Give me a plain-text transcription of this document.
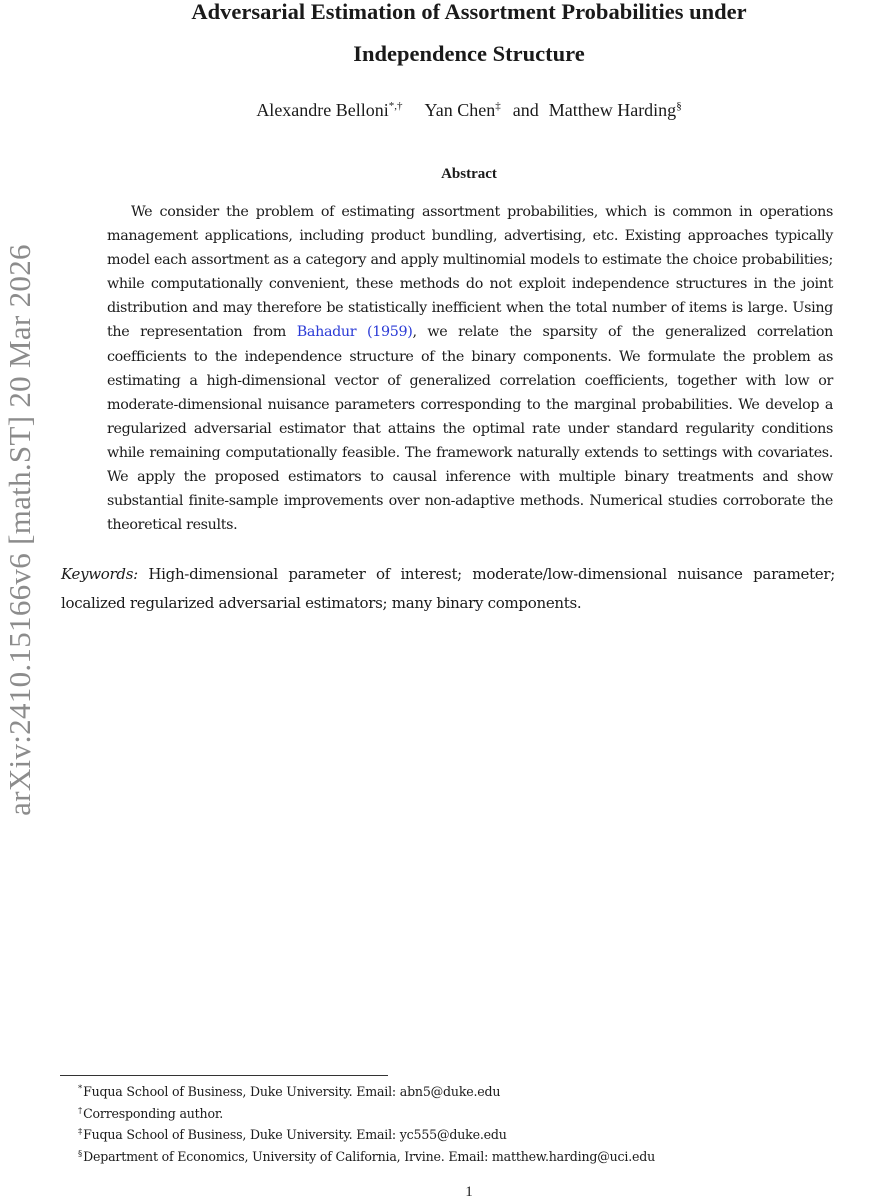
arXiv:2410.15166v6 [math.ST] 20 Mar 2026
Adversarial Estimation of Assortment Probabilities under
Independence Structure
Alexandre Belloni*,† Yan Chen‡ and Matthew Harding§
Abstract

We consider the problem of estimating assortment probabilities, which is common in operations management applications, including product bundling, advertising, etc. Existing approaches typically model each assortment as a category and apply multinomial models to estimate the choice probabilities; while computationally convenient, these methods do not exploit independence structures in the joint distribution and may therefore be statistically inefficient when the total number of items is large. Using the representation from Bahadur (1959), we relate the sparsity of the generalized correlation coefficients to the independence structure of the binary components. We formulate the problem as estimating a high-dimensional vector of generalized correlation coefficients, together with low or moderate-dimensional nuisance parameters corresponding to the marginal probabilities. We develop a regularized adversarial estimator that attains the optimal rate under standard regularity conditions while remaining computationally feasible. The framework naturally extends to settings with covariates. We apply the proposed estimators to causal inference with multiple binary treatments and show substantial finite-sample improvements over non-adaptive methods. Numerical studies corroborate the theoretical results.

Keywords: High-dimensional parameter of interest; moderate/low-dimensional nuisance parameter; localized regularized adversarial estimators; many binary components.

*Fuqua School of Business, Duke University. Email: abn5@duke.edu
†Corresponding author.
‡Fuqua School of Business, Duke University. Email: yc555@duke.edu
§Department of Economics, University of California, Irvine. Email: matthew.harding@uci.edu
1
